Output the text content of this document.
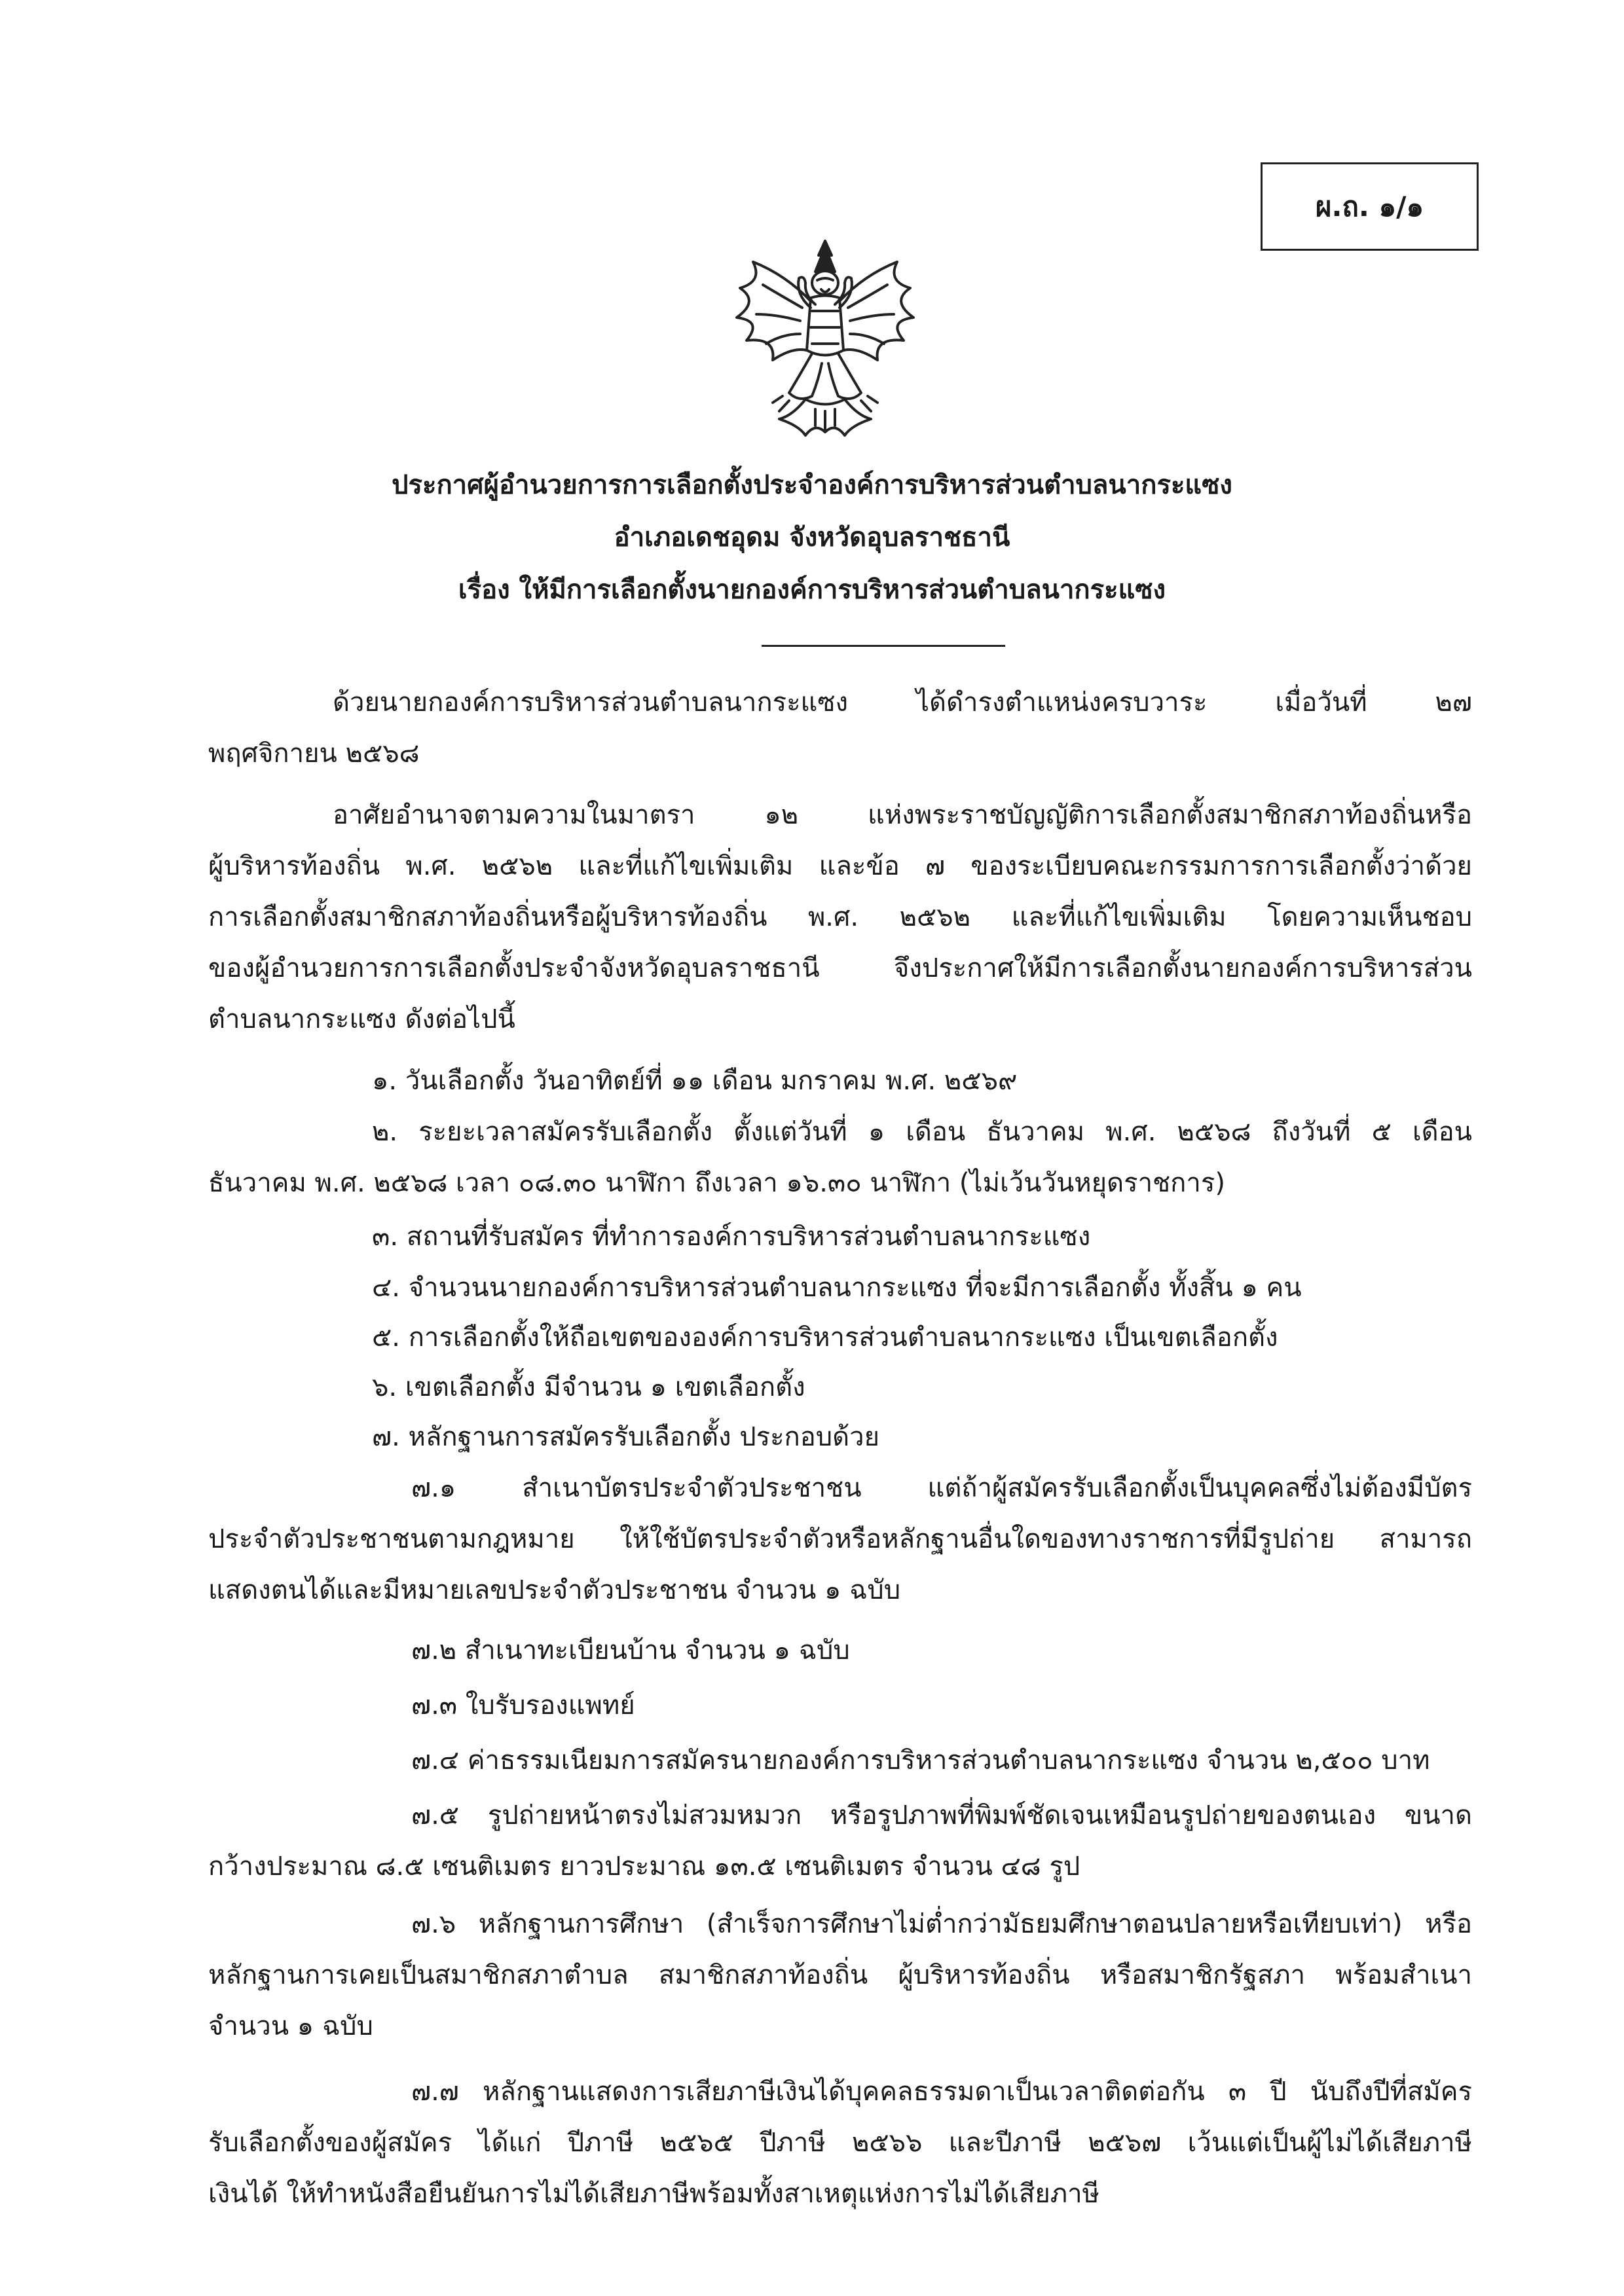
ผ.ถ. ๑/๑
ประกาศผู้อำนวยการการเลือกตั้งประจำองค์การบริหารส่วนตำบลนากระแซง
อำเภอเดชอุดม จังหวัดอุบลราชธานี
เรื่อง ให้มีการเลือกตั้งนายกองค์การบริหารส่วนตำบลนากระแซง
ด้วยนายกองค์การบริหารส่วนตำบลนากระแซง ได้ดำรงตำแหน่งครบวาระ เมื่อวันที่ ๒๗
พฤศจิกายน ๒๕๖๘
อาศัยอำนาจตามความในมาตรา ๑๒ แห่งพระราชบัญญัติการเลือกตั้งสมาชิกสภาท้องถิ่นหรือ
ผู้บริหารท้องถิ่น พ.ศ. ๒๕๖๒ และที่แก้ไขเพิ่มเติม และข้อ ๗ ของระเบียบคณะกรรมการการเลือกตั้งว่าด้วย
การเลือกตั้งสมาชิกสภาท้องถิ่นหรือผู้บริหารท้องถิ่น พ.ศ. ๒๕๖๒ และที่แก้ไขเพิ่มเติม โดยความเห็นชอบ
ของผู้อำนวยการการเลือกตั้งประจำจังหวัดอุบลราชธานี จึงประกาศให้มีการเลือกตั้งนายกองค์การบริหารส่วน
ตำบลนากระแซง ดังต่อไปนี้
๑. วันเลือกตั้ง วันอาทิตย์ที่ ๑๑ เดือน มกราคม พ.ศ. ๒๕๖๙
๒. ระยะเวลาสมัครรับเลือกตั้ง ตั้งแต่วันที่ ๑ เดือน ธันวาคม พ.ศ. ๒๕๖๘ ถึงวันที่ ๕ เดือน
ธันวาคม พ.ศ. ๒๕๖๘ เวลา ๐๘.๓๐ นาฬิกา ถึงเวลา ๑๖.๓๐ นาฬิกา (ไม่เว้นวันหยุดราชการ)
๓. สถานที่รับสมัคร ที่ทำการองค์การบริหารส่วนตำบลนากระแซง
๔. จำนวนนายกองค์การบริหารส่วนตำบลนากระแซง ที่จะมีการเลือกตั้ง ทั้งสิ้น ๑ คน
๕. การเลือกตั้งให้ถือเขตขององค์การบริหารส่วนตำบลนากระแซง เป็นเขตเลือกตั้ง
๖. เขตเลือกตั้ง มีจำนวน ๑ เขตเลือกตั้ง
๗. หลักฐานการสมัครรับเลือกตั้ง ประกอบด้วย
๗.๑ สำเนาบัตรประจำตัวประชาชน แต่ถ้าผู้สมัครรับเลือกตั้งเป็นบุคคลซึ่งไม่ต้องมีบัตร
ประจำตัวประชาชนตามกฎหมาย ให้ใช้บัตรประจำตัวหรือหลักฐานอื่นใดของทางราชการที่มีรูปถ่าย สามารถ
แสดงตนได้และมีหมายเลขประจำตัวประชาชน จำนวน ๑ ฉบับ
๗.๒ สำเนาทะเบียนบ้าน จำนวน ๑ ฉบับ
๗.๓ ใบรับรองแพทย์
๗.๔ ค่าธรรมเนียมการสมัครนายกองค์การบริหารส่วนตำบลนากระแซง จำนวน ๒,๕๐๐ บาท
๗.๕ รูปถ่ายหน้าตรงไม่สวมหมวก หรือรูปภาพที่พิมพ์ชัดเจนเหมือนรูปถ่ายของตนเอง ขนาด
กว้างประมาณ ๘.๕ เซนติเมตร ยาวประมาณ ๑๓.๕ เซนติเมตร จำนวน ๔๘ รูป
๗.๖ หลักฐานการศึกษา (สำเร็จการศึกษาไม่ต่ำกว่ามัธยมศึกษาตอนปลายหรือเทียบเท่า) หรือ
หลักฐานการเคยเป็นสมาชิกสภาตำบล สมาชิกสภาท้องถิ่น ผู้บริหารท้องถิ่น หรือสมาชิกรัฐสภา พร้อมสำเนา
จำนวน ๑ ฉบับ
๗.๗ หลักฐานแสดงการเสียภาษีเงินได้บุคคลธรรมดาเป็นเวลาติดต่อกัน ๓ ปี นับถึงปีที่สมัคร
รับเลือกตั้งของผู้สมัคร ได้แก่ ปีภาษี ๒๕๖๕ ปีภาษี ๒๕๖๖ และปีภาษี ๒๕๖๗ เว้นแต่เป็นผู้ไม่ได้เสียภาษี
เงินได้ ให้ทำหนังสือยืนยันการไม่ได้เสียภาษีพร้อมทั้งสาเหตุแห่งการไม่ได้เสียภาษี
